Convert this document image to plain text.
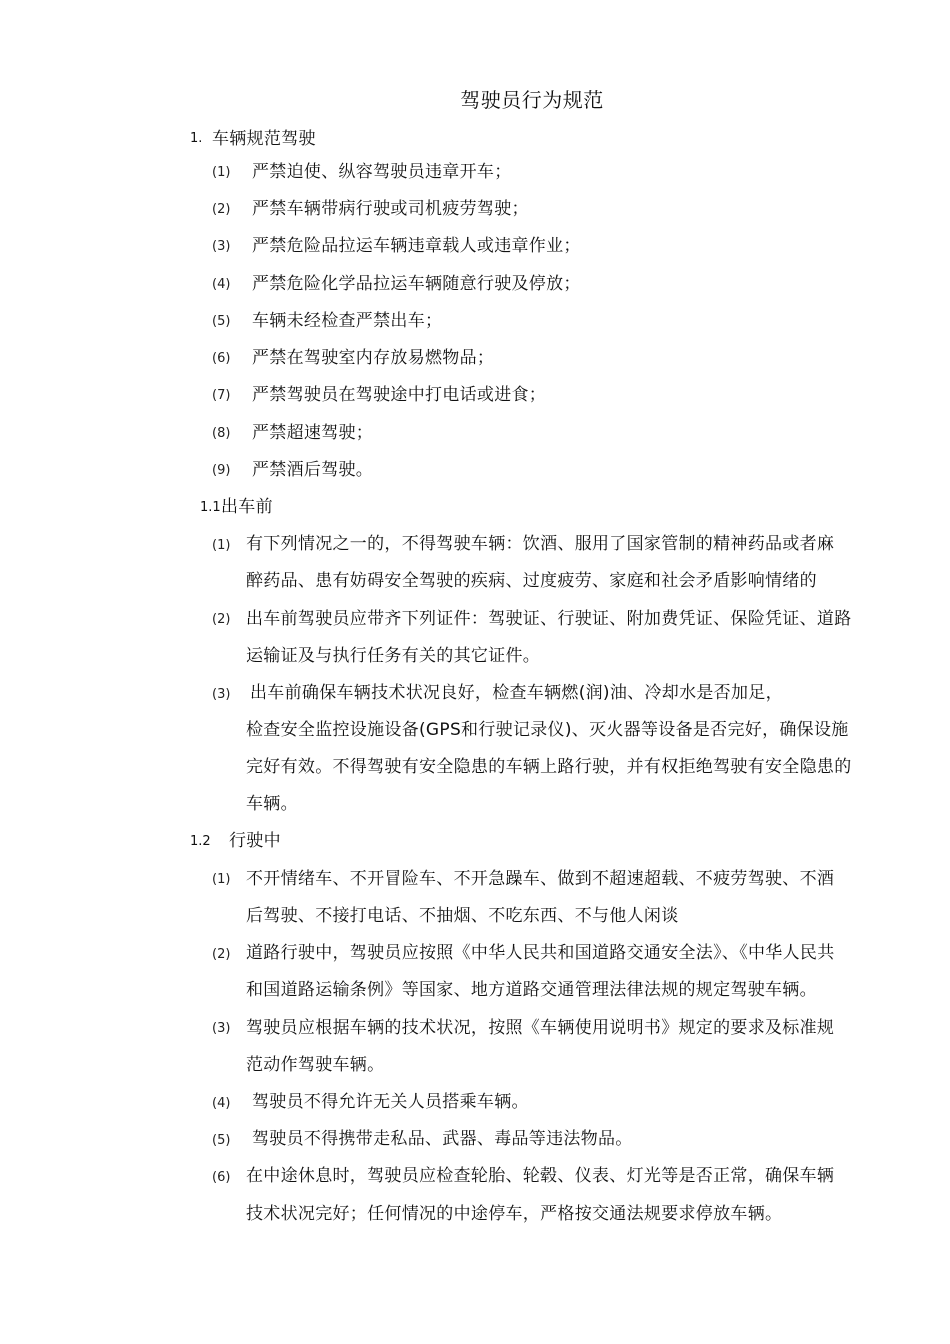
驾驶员行为规范
1. 车辆规范驾驶
(1) 严禁迫使、纵容驾驶员违章开车；
(2) 严禁车辆带病行驶或司机疲劳驾驶；
(3) 严禁危险品拉运车辆违章载人或违章作业；
(4) 严禁危险化学品拉运车辆随意行驶及停放；
(5) 车辆未经检查严禁出车；
(6) 严禁在驾驶室内存放易燃物品；
(7) 严禁驾驶员在驾驶途中打电话或进食；
(8) 严禁超速驾驶；
(9) 严禁酒后驾驶。
1.1 出车前
(1) 有下列情况之一的，不得驾驶车辆：饮酒、服用了国家管制的精神药品或者麻
醉药品、患有妨碍安全驾驶的疾病、过度疲劳、家庭和社会矛盾影响情绪的
(2) 出车前驾驶员应带齐下列证件：驾驶证、行驶证、附加费凭证、保险凭证、道路
运输证及与执行任务有关的其它证件。
(3) 出车前确保车辆技术状况良好，检查车辆燃(润)油、冷却水是否加足，
检查安全监控设施设备(GPS和行驶记录仪)、灭火器等设备是否完好，确保设施
完好有效。不得驾驶有安全隐患的车辆上路行驶，并有权拒绝驾驶有安全隐患的
车辆。
1.2 行驶中
(1) 不开情绪车、不开冒险车、不开急躁车、做到不超速超载、不疲劳驾驶、不酒
后驾驶、不接打电话、不抽烟、不吃东西、不与他人闲谈
(2) 道路行驶中，驾驶员应按照《中华人民共和国道路交通安全法》、《中华人民共
和国道路运输条例》等国家、地方道路交通管理法律法规的规定驾驶车辆。
(3) 驾驶员应根据车辆的技术状况，按照《车辆使用说明书》规定的要求及标准规
范动作驾驶车辆。
(4) 驾驶员不得允许无关人员搭乘车辆。
(5) 驾驶员不得携带走私品、武器、毒品等违法物品。
(6) 在中途休息时，驾驶员应检查轮胎、轮毂、仪表、灯光等是否正常，确保车辆
技术状况完好；任何情况的中途停车，严格按交通法规要求停放车辆。
